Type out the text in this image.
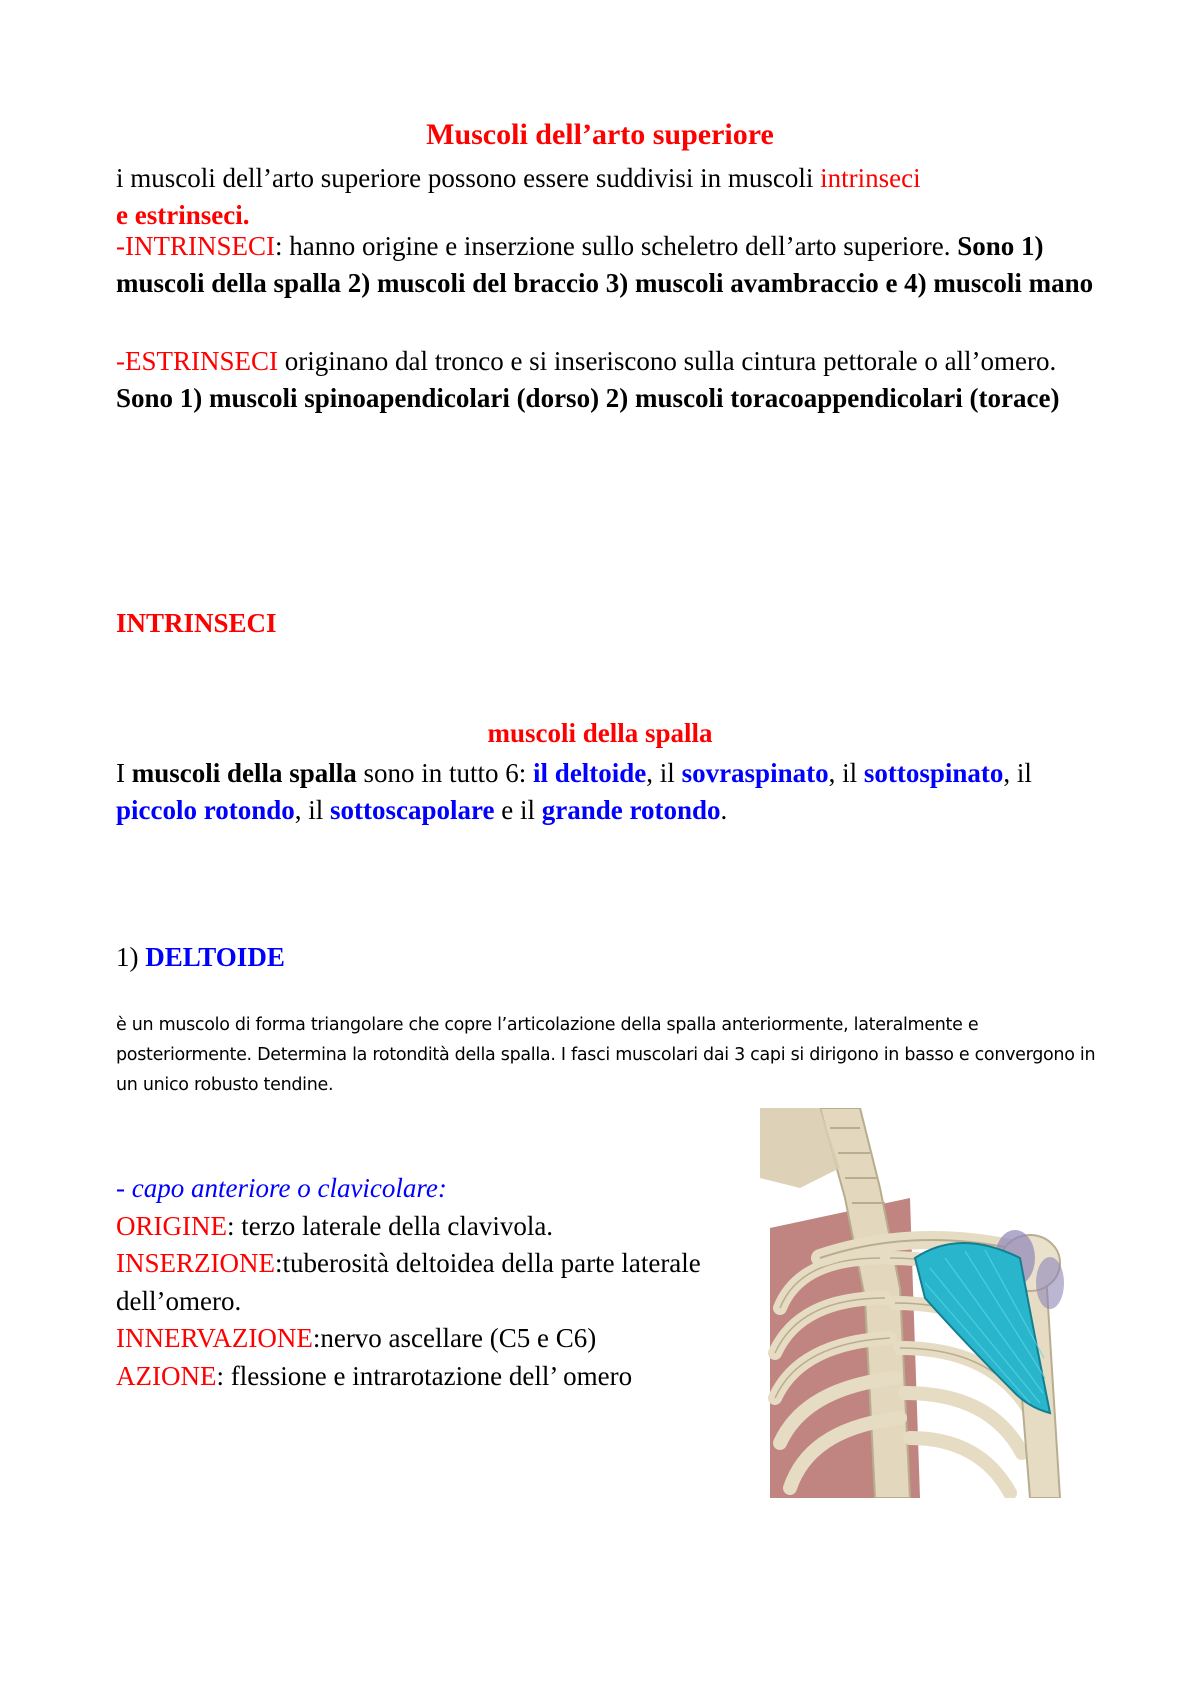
Muscoli dell’arto superiore
i muscoli dell’arto superiore possono essere suddivisi in muscoli intrinseci
e estrinseci.
-INTRINSECI: hanno origine e inserzione sullo scheletro dell’arto superiore. Sono 1) muscoli della spalla 2) muscoli del braccio 3) muscoli avambraccio e 4) muscoli mano
-ESTRINSECI originano dal tronco e si inseriscono sulla cintura pettorale o all’omero. Sono 1) muscoli spinoapendicolari (dorso) 2) muscoli toracoappendicolari (torace)
INTRINSECI
muscoli della spalla
I muscoli della spalla sono in tutto 6: il deltoide, il sovraspinato, il sottospinato, il piccolo rotondo, il sottoscapolare e il grande rotondo.
1) DELTOIDE
è un muscolo di forma triangolare che copre l’articolazione della spalla anteriormente, lateralmente e posteriormente. Determina la rotondità della spalla. I fasci muscolari dai 3 capi si dirigono in basso e convergono in un unico robusto tendine.
- capo anteriore o clavicolare:
ORIGINE: terzo laterale della clavivola.
INSERZIONE:tuberosità deltoidea della parte laterale dell’omero.
INNERVAZIONE:nervo ascellare (C5 e C6)
AZIONE: flessione e intrarotazione dell’ omero
